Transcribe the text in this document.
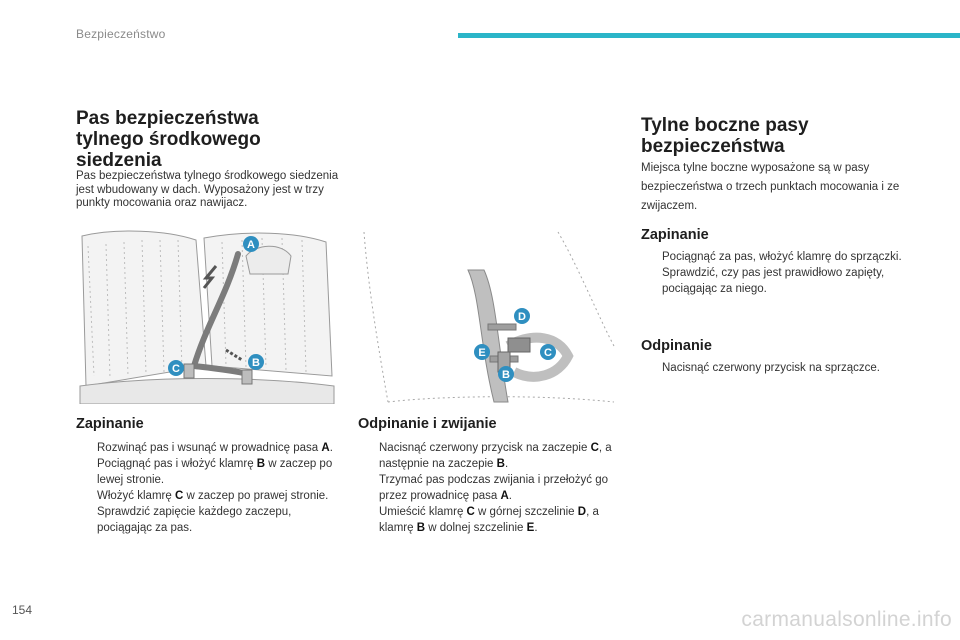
Bezpieczeństwo
Pas bezpieczeństwa tylnego środkowego siedzenia
Pas bezpieczeństwa tylnego środkowego siedzenia jest wbudowany w dach. Wyposażony jest w trzy punkty mocowania oraz nawijacz.
A
B
C
D
E	C
B
Zapinanie
Rozwinąć pas i wsunąć w prowadnicę pasa A.
Pociągnąć pas i włożyć klamrę B w zaczep po lewej stronie.
Włożyć klamrę C w zaczep po prawej stronie.
Sprawdzić zapięcie każdego zaczepu, pociągając za pas.
Odpinanie i zwijanie
Nacisnąć czerwony przycisk na zaczepie C, a następnie na zaczepie B.
Trzymać pas podczas zwijania i przełożyć go przez prowadnicę pasa A.
Umieścić klamrę C w górnej szczelinie D, a klamrę B w dolnej szczelinie E.
Tylne boczne pasy bezpieczeństwa
Miejsca tylne boczne wyposażone są w pasy bezpieczeństwa o trzech punktach mocowania i ze zwijaczem.
Zapinanie
Pociągnąć za pas, włożyć klamrę do sprzączki.
Sprawdzić, czy pas jest prawidłowo zapięty, pociągając za niego.
Odpinanie
Nacisnąć czerwony przycisk na sprzączce.
154	carmanualsonline.info
